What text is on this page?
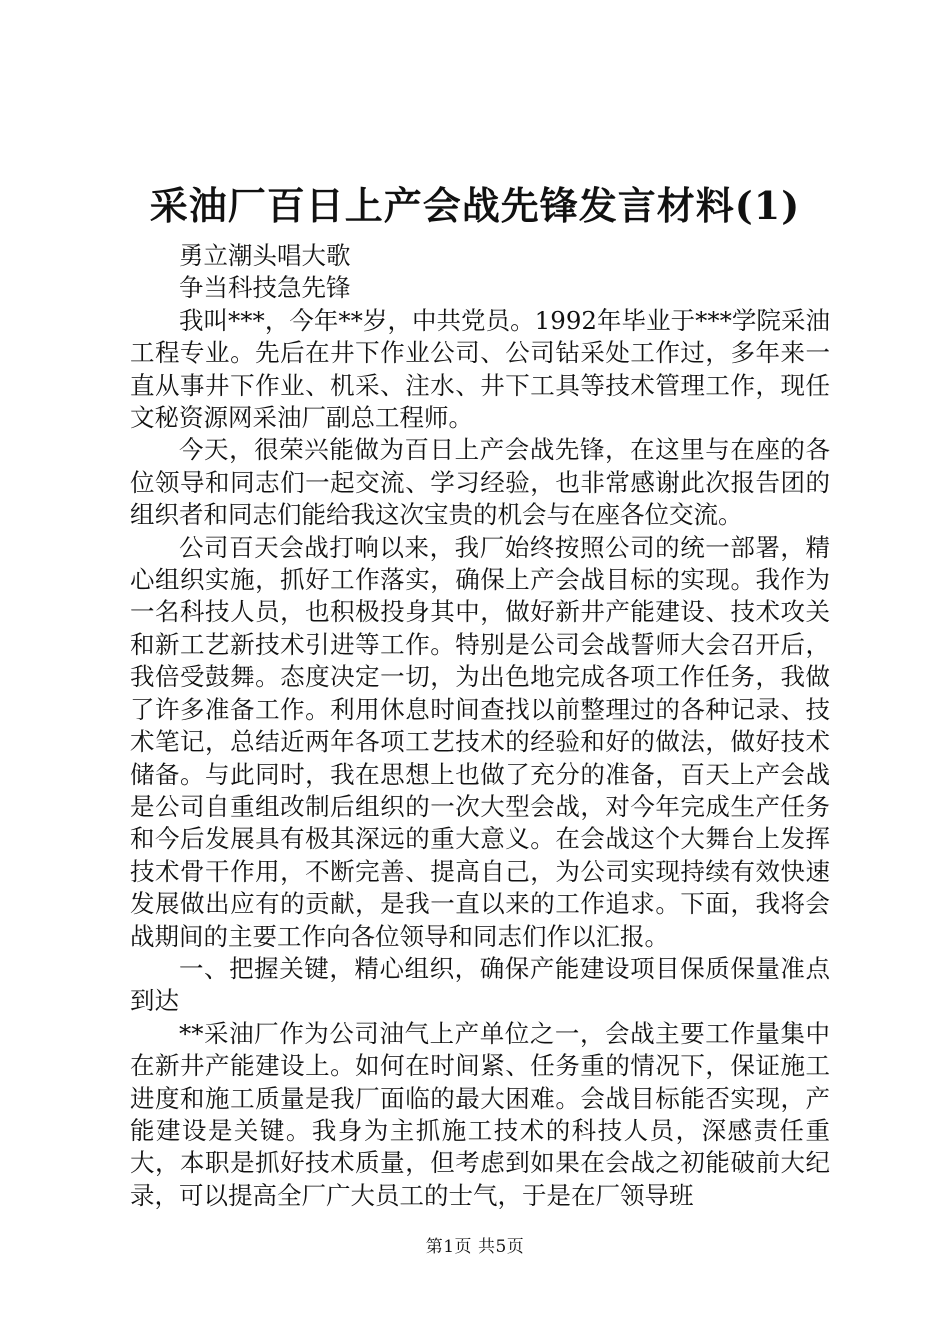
采油厂百日上产会战先锋发言材料(1)

勇立潮头唱大歌

争当科技急先锋

我叫***，今年**岁，中共党员。1992年毕业于***学院采油工程专业。先后在井下作业公司、公司钻采处工作过，多年来一直从事井下作业、机采、注水、井下工具等技术管理工作，现任文秘资源网采油厂副总工程师。

今天，很荣兴能做为百日上产会战先锋，在这里与在座的各位领导和同志们一起交流、学习经验，也非常感谢此次报告团的组织者和同志们能给我这次宝贵的机会与在座各位交流。

公司百天会战打响以来，我厂始终按照公司的统一部署，精心组织实施，抓好工作落实，确保上产会战目标的实现。我作为一名科技人员，也积极投身其中，做好新井产能建设、技术攻关和新工艺新技术引进等工作。特别是公司会战誓师大会召开后，我倍受鼓舞。态度决定一切，为出色地完成各项工作任务，我做了许多准备工作。利用休息时间查找以前整理过的各种记录、技术笔记，总结近两年各项工艺技术的经验和好的做法，做好技术储备。与此同时，我在思想上也做了充分的准备，百天上产会战是公司自重组改制后组织的一次大型会战，对今年完成生产任务和今后发展具有极其深远的重大意义。在会战这个大舞台上发挥技术骨干作用，不断完善、提高自己，为公司实现持续有效快速发展做出应有的贡献，是我一直以来的工作追求。下面，我将会战期间的主要工作向各位领导和同志们作以汇报。

一、把握关键，精心组织，确保产能建设项目保质保量准点到达

**采油厂作为公司油气上产单位之一，会战主要工作量集中在新井产能建设上。如何在时间紧、任务重的情况下，保证施工进度和施工质量是我厂面临的最大困难。会战目标能否实现，产能建设是关键。我身为主抓施工技术的科技人员，深感责任重大，本职是抓好技术质量，但考虑到如果在会战之初能破前大纪录，可以提高全厂广大员工的士气，于是在厂领导班

第1页 共5页
